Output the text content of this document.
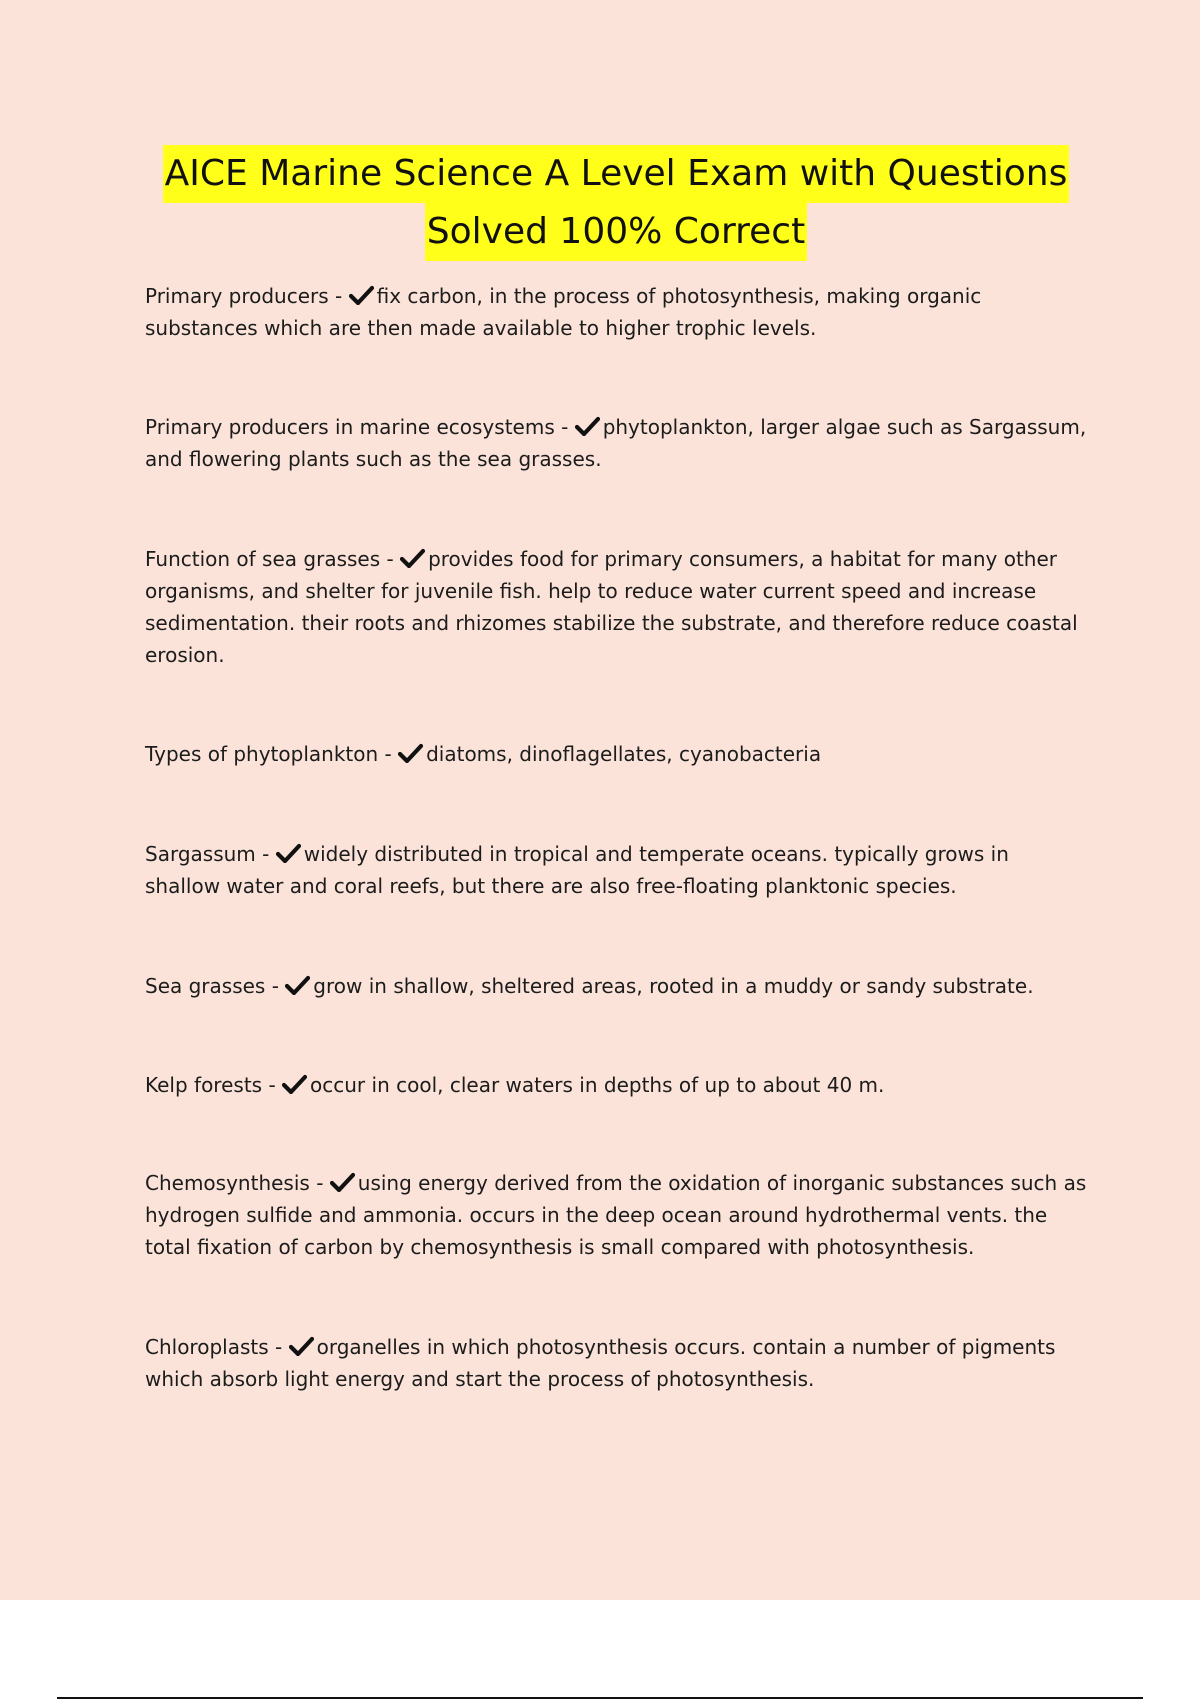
AICE Marine Science A Level Exam with Questions
Solved 100% Correct
Primary producers - fix carbon, in the process of photosynthesis, making organic substances which are then made available to higher trophic levels.
Primary producers in marine ecosystems - phytoplankton, larger algae such as Sargassum, and flowering plants such as the sea grasses.
Function of sea grasses - provides food for primary consumers, a habitat for many other organisms, and shelter for juvenile fish. help to reduce water current speed and increase sedimentation. their roots and rhizomes stabilize the substrate, and therefore reduce coastal erosion.
Types of phytoplankton - diatoms, dinoflagellates, cyanobacteria
Sargassum - widely distributed in tropical and temperate oceans. typically grows in shallow water and coral reefs, but there are also free-floating planktonic species.
Sea grasses - grow in shallow, sheltered areas, rooted in a muddy or sandy substrate.
Kelp forests - occur in cool, clear waters in depths of up to about 40 m.
Chemosynthesis - using energy derived from the oxidation of inorganic substances such as hydrogen sulfide and ammonia. occurs in the deep ocean around hydrothermal vents. the total fixation of carbon by chemosynthesis is small compared with photosynthesis.
Chloroplasts - organelles in which photosynthesis occurs. contain a number of pigments which absorb light energy and start the process of photosynthesis.
